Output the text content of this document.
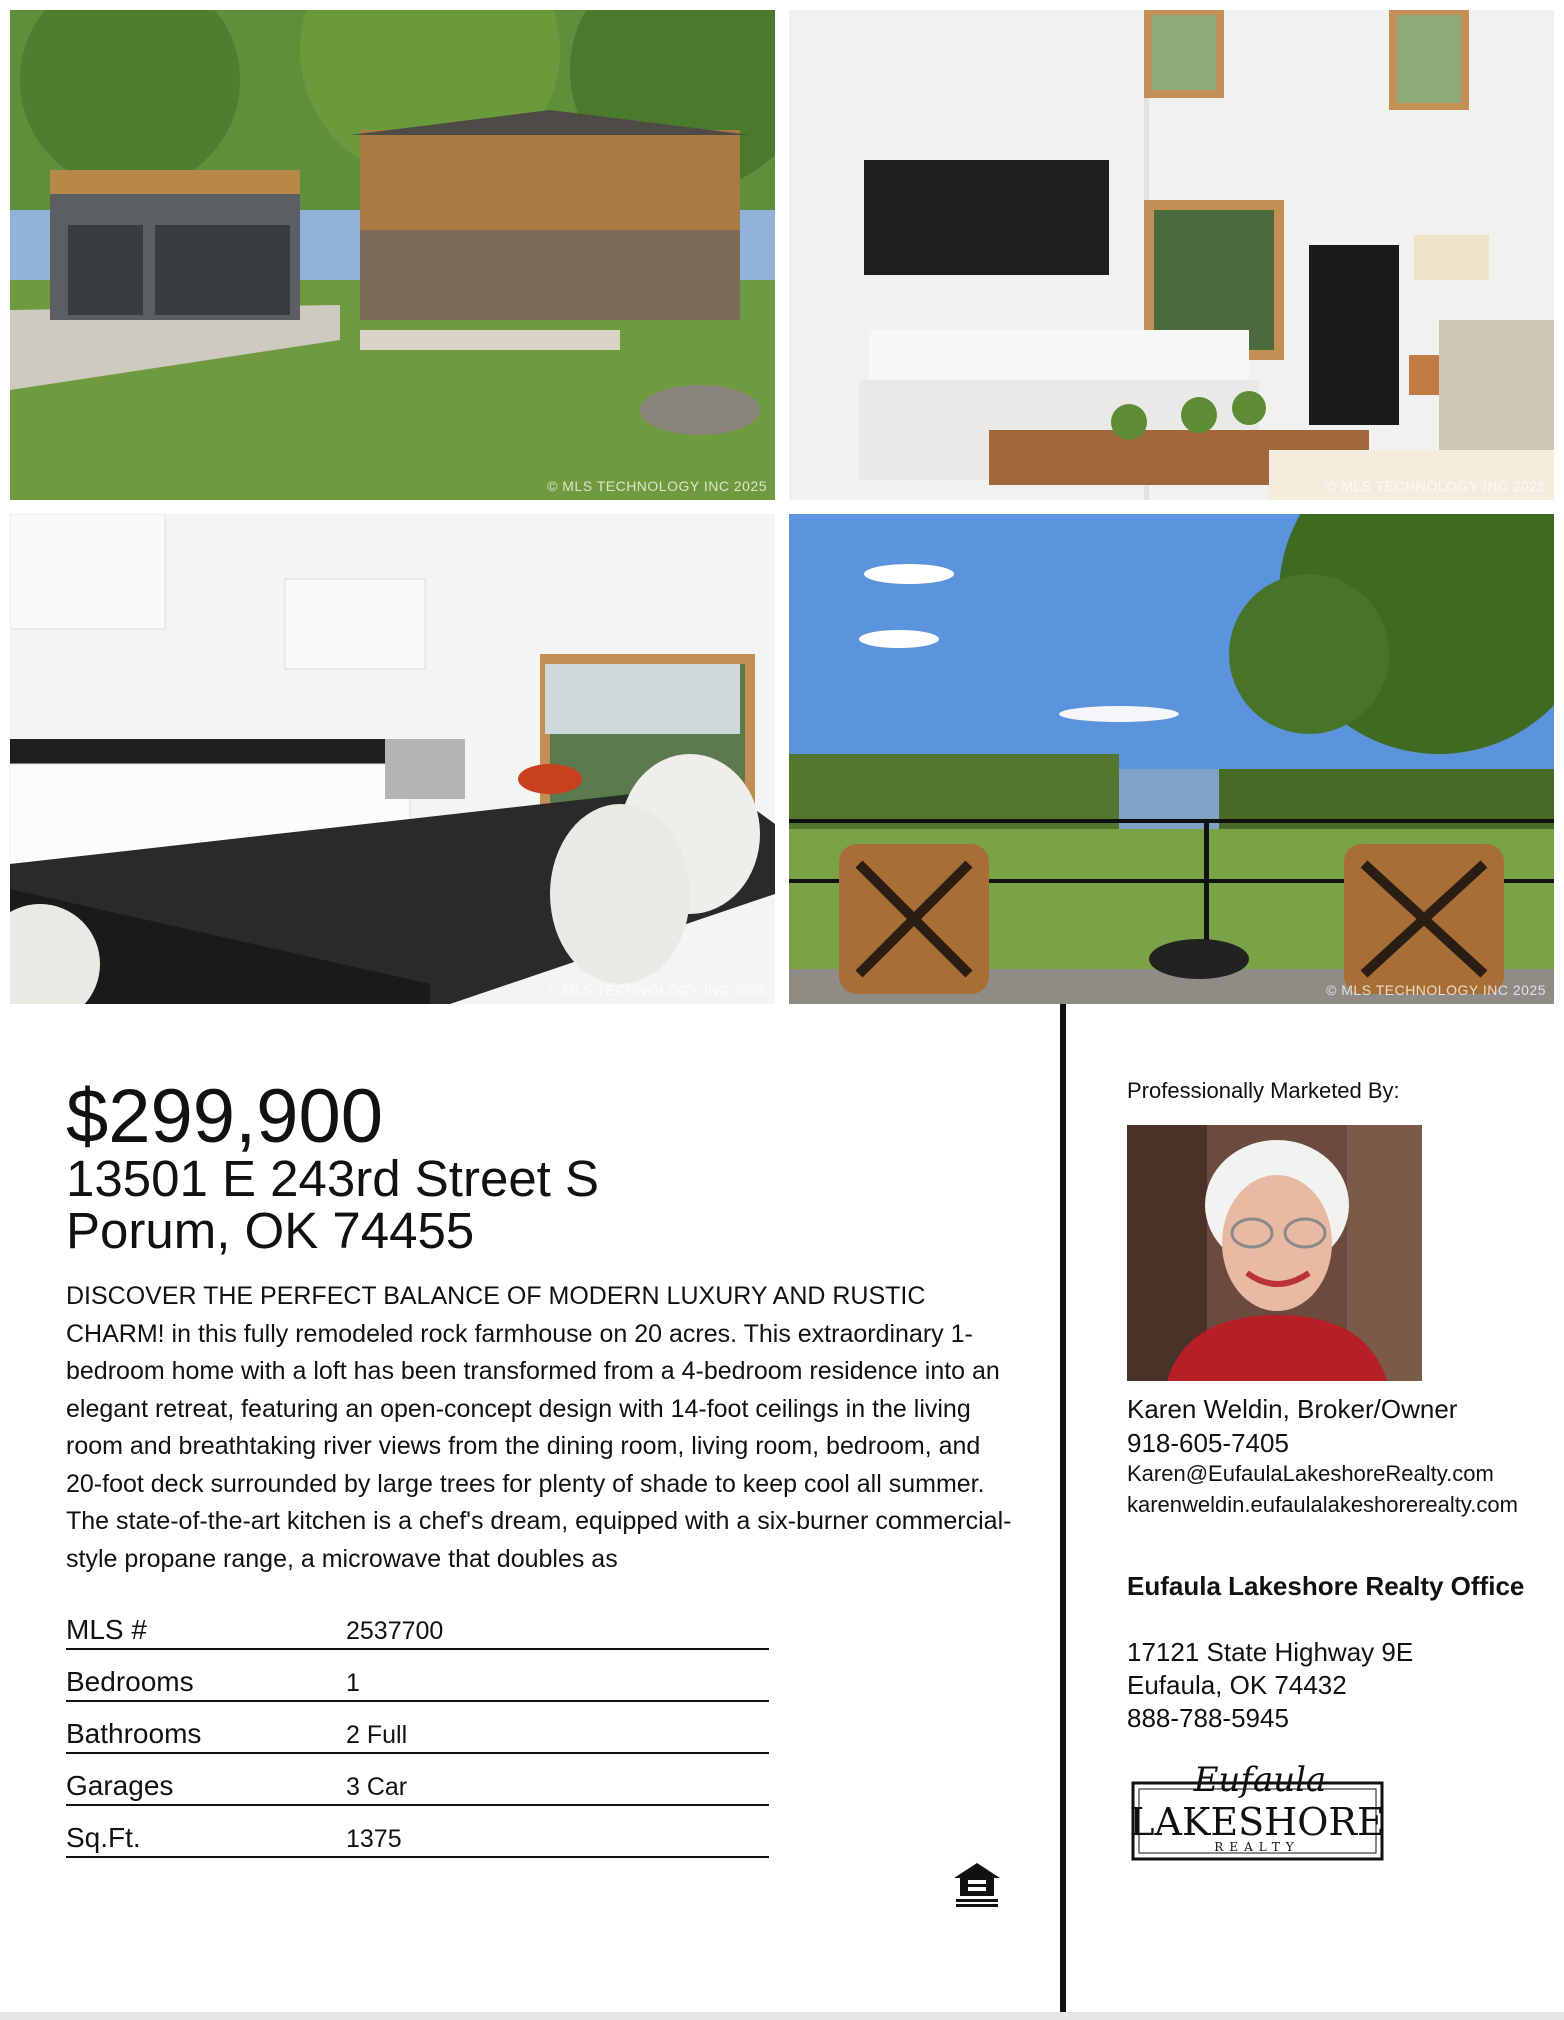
© MLS TECHNOLOGY INC 2025	© MLS TECHNOLOGY INC 2025
© MLS TECHNOLOGY INC 2025	© MLS TECHNOLOGY INC 2025
$299,900
13501 E 243rd Street S
Porum, OK 74455
DISCOVER THE PERFECT BALANCE OF MODERN LUXURY AND RUSTIC CHARM! in this fully remodeled rock farmhouse on 20 acres. This extraordinary 1-bedroom home with a loft has been transformed from a 4-bedroom residence into an elegant retreat, featuring an open-concept design with 14-foot ceilings in the living room and breathtaking river views from the dining room, living room, bedroom, and 20-foot deck surrounded by large trees for plenty of shade to keep cool all summer. The state-of-the-art kitchen is a chef's dream, equipped with a six-burner commercial-style propane range, a microwave that doubles as
MLS #	2537700
Bedrooms	1
Bathrooms	2 Full
Garages	3 Car
Sq.Ft.	1375
Professionally Marketed By:
Karen Weldin, Broker/Owner
918-605-7405
Karen@EufaulaLakeshoreRealty.com
karenweldin.eufaulalakeshorerealty.com
Eufaula Lakeshore Realty Office
17121 State Highway 9E
Eufaula, OK 74432
888-788-5945
Eufaula
LAKESHORE
REALTY
